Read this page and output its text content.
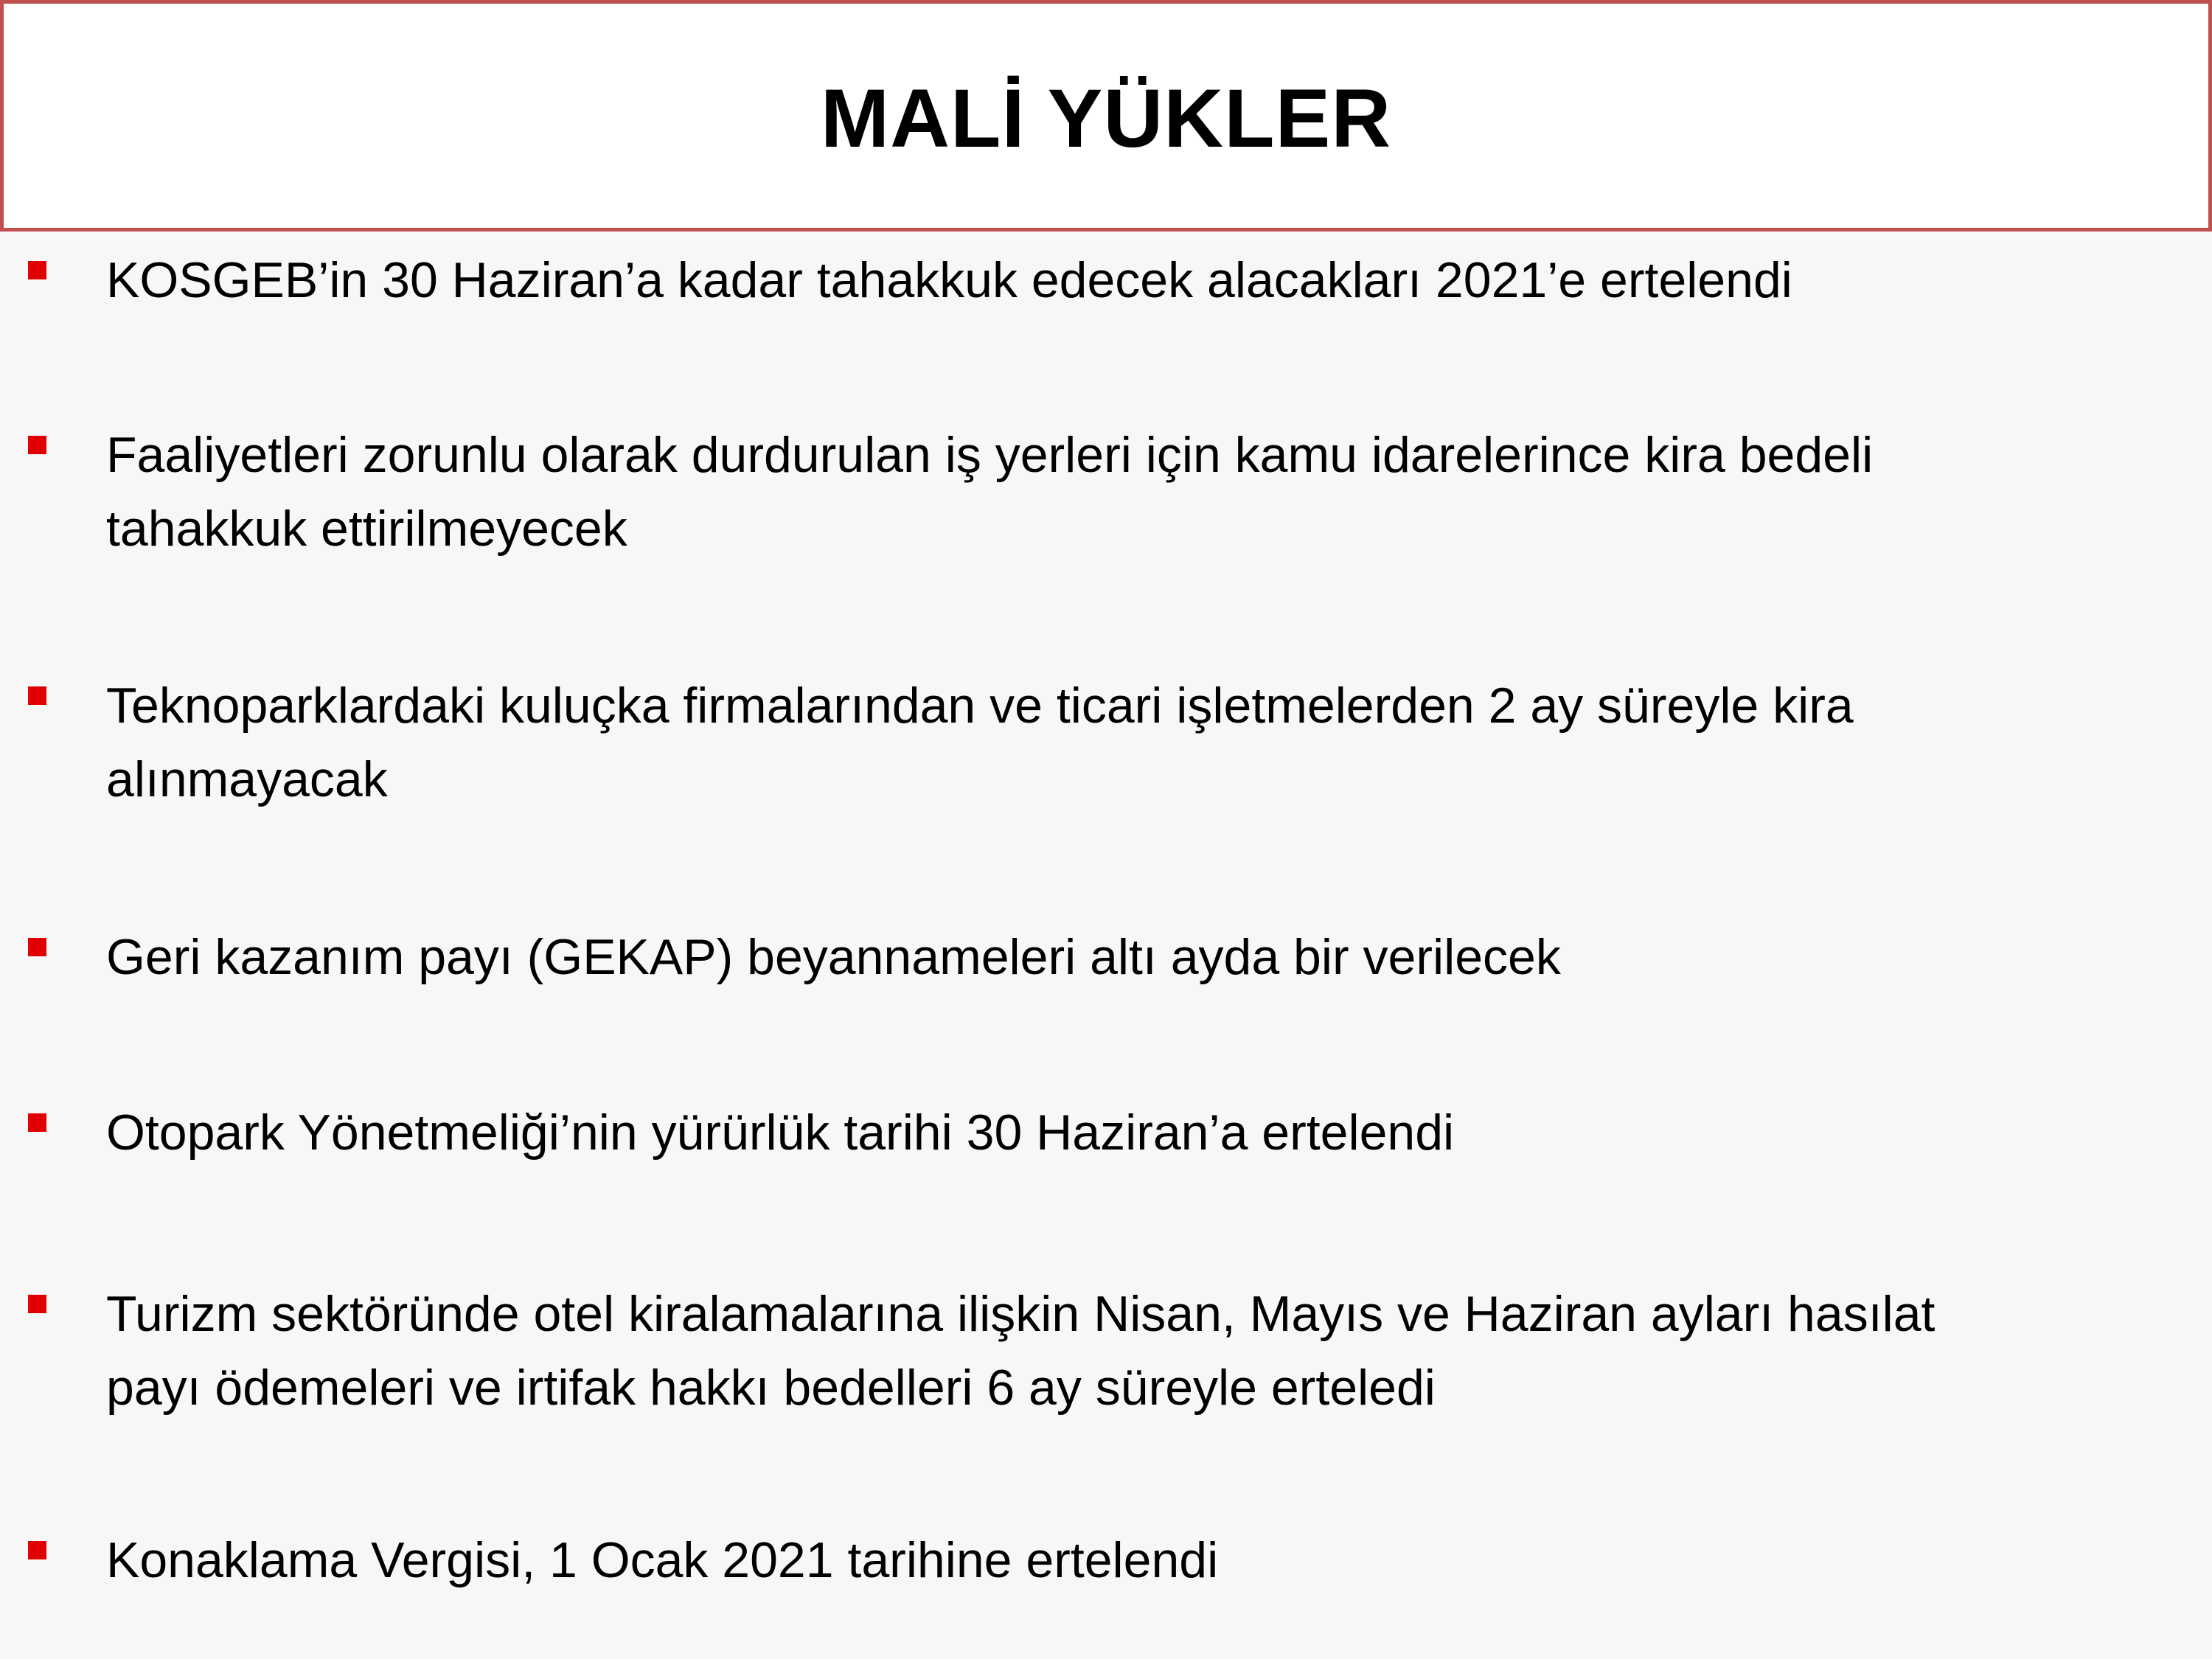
MALİ YÜKLER
KOSGEB’in 30 Haziran’a kadar tahakkuk edecek alacakları 2021’e ertelendi
Faaliyetleri zorunlu olarak durdurulan iş yerleri için kamu idarelerince kira bedeli
tahakkuk ettirilmeyecek
Teknoparklardaki kuluçka firmalarından ve ticari işletmelerden 2 ay süreyle kira
alınmayacak
Geri kazanım payı (GEKAP) beyannameleri altı ayda bir verilecek
Otopark Yönetmeliği’nin yürürlük tarihi 30 Haziran’a ertelendi
Turizm sektöründe otel kiralamalarına ilişkin Nisan, Mayıs ve Haziran ayları hasılat
payı ödemeleri ve irtifak hakkı bedelleri 6 ay süreyle erteledi
Konaklama Vergisi, 1 Ocak 2021 tarihine ertelendi
